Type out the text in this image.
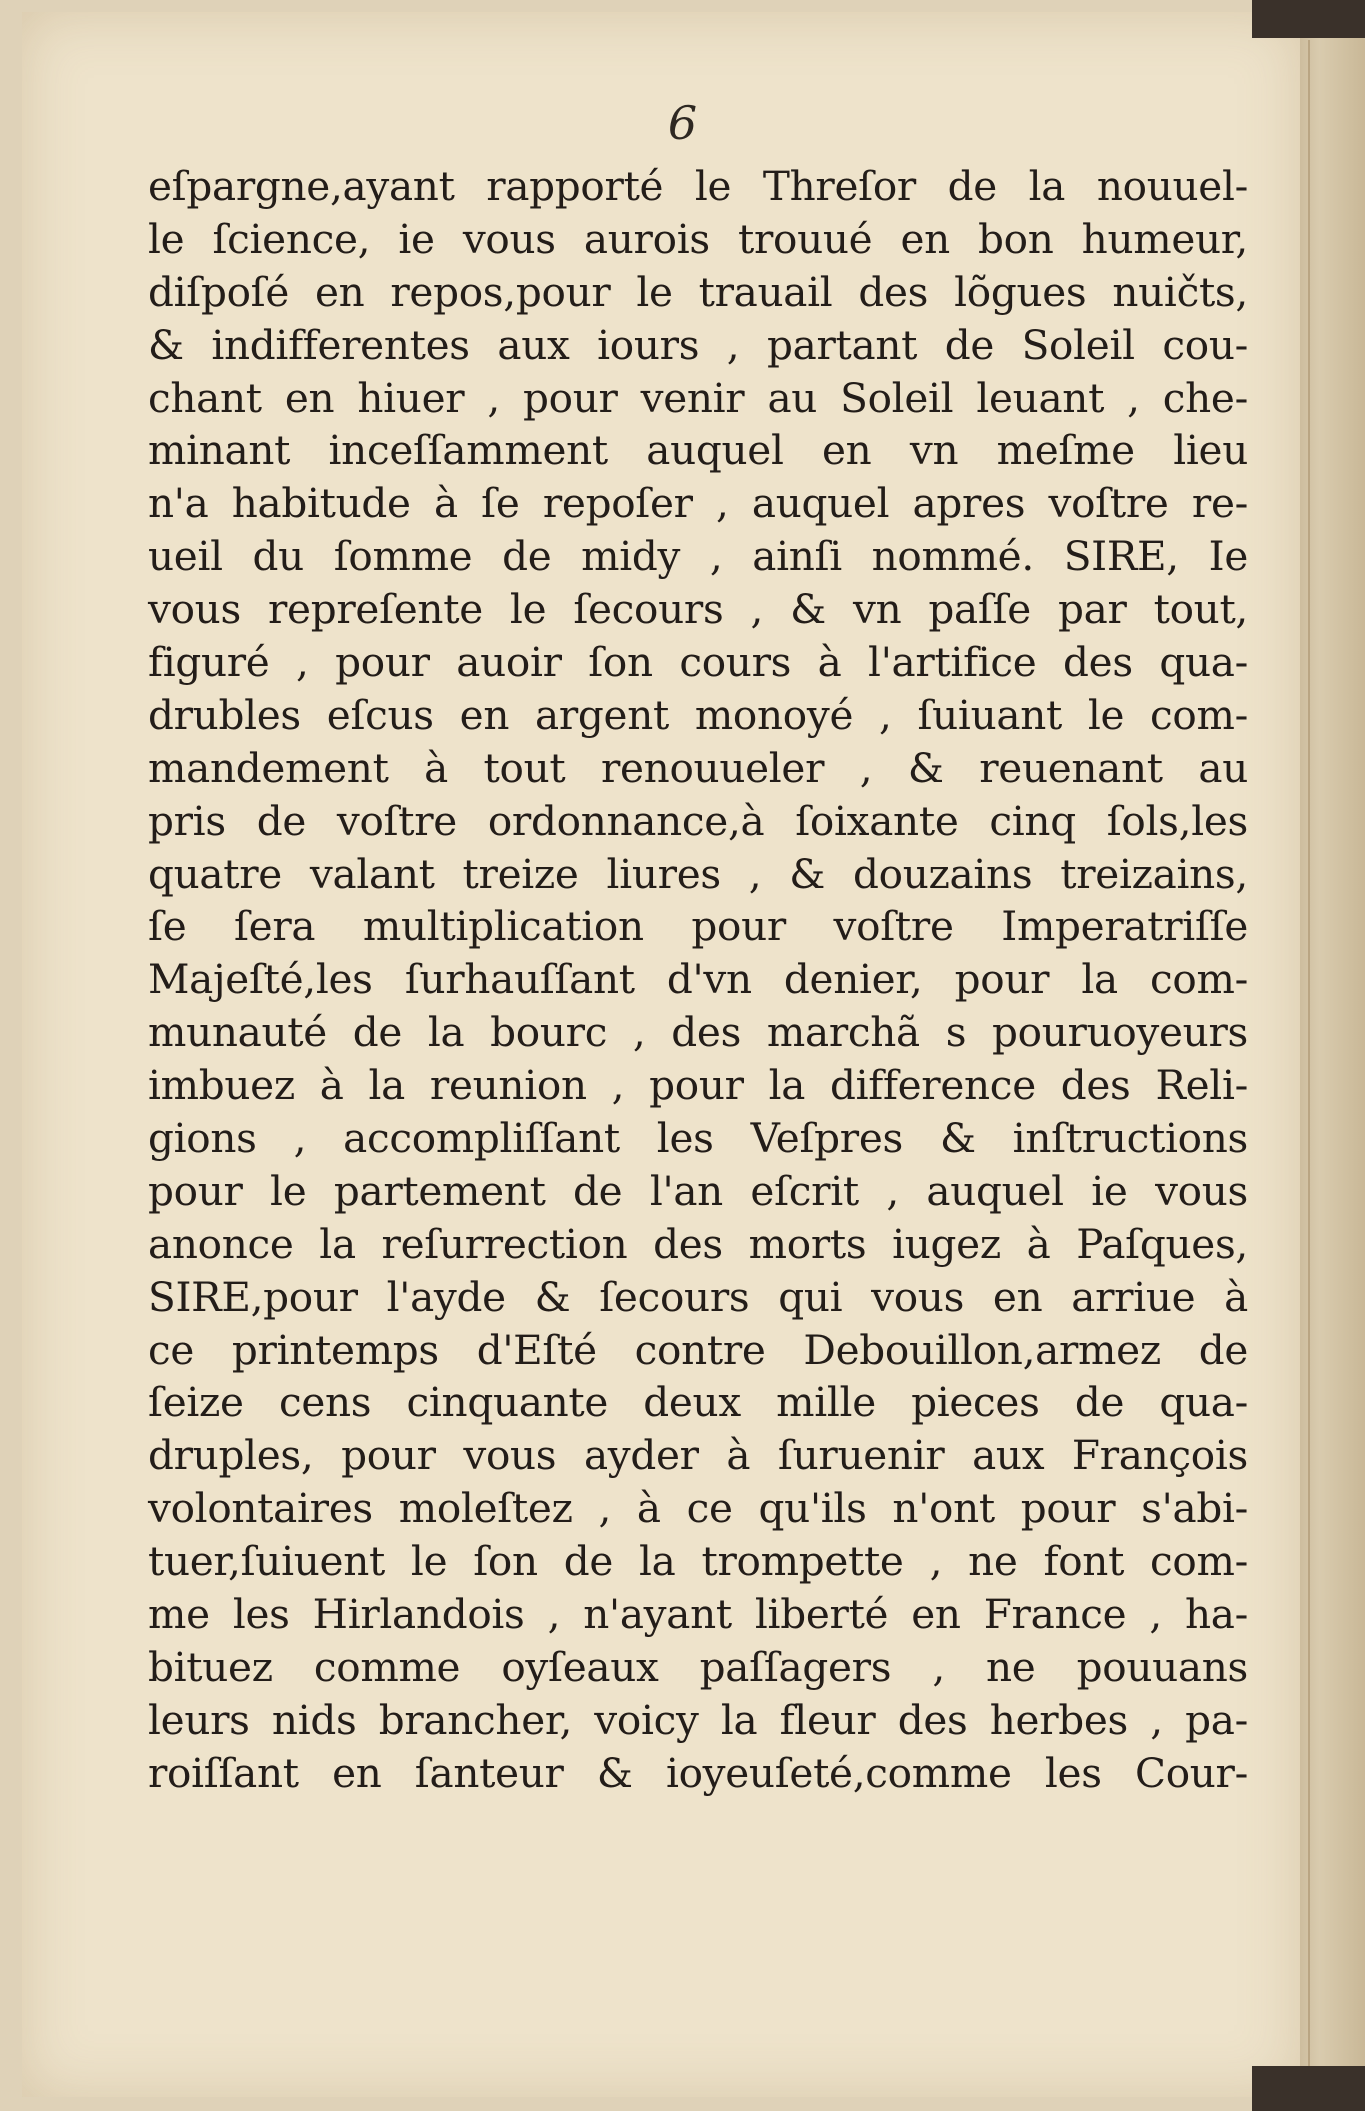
6
eſpargne,ayant rapporté le Threſor de la nouuel-
le ſcience, ie vous aurois trouué en bon humeur,
diſpoſé en repos,pour le trauail des lõgues nuičts,
& indifferentes aux iours , partant de Soleil cou-
chant en hiuer , pour venir au Soleil leuant , che-
minant inceſſamment auquel en vn meſme lieu
n'a habitude à ſe repoſer , auquel apres voſtre re-
ueil du ſomme de midy , ainſi nommé. SIRE, Ie
vous repreſente le ſecours , & vn paſſe par tout,
figuré , pour auoir ſon cours à l'artifice des qua-
drubles eſcus en argent monoyé , ſuiuant le com-
mandement à tout renouueler , & reuenant au
pris de voſtre ordonnance,à ſoixante cinq ſols,les
quatre valant treize liures , & douzains treizains,
ſe ſera multiplication pour voſtre Imperatriſſe
Majeſté,les ſurhauſſant d'vn denier, pour la com-
munauté de la bourc , des marchã s pouruoyeurs
imbuez à la reunion , pour la difference des Reli-
gions , accompliſſant les Veſpres & inſtructions
pour le partement de l'an eſcrit , auquel ie vous
anonce la reſurrection des morts iugez à Paſques,
SIRE,pour l'ayde & ſecours qui vous en arriue à
ce printemps d'Eſté contre Debouillon,armez de
ſeize cens cinquante deux mille pieces de qua-
druples, pour vous ayder à ſuruenir aux François
volontaires moleſtez , à ce qu'ils n'ont pour s'abi-
tuer,ſuiuent le ſon de la trompette , ne font com-
me les Hirlandois , n'ayant liberté en France , ha-
bituez comme oyſeaux paſſagers , ne pouuans
leurs nids brancher, voicy la fleur des herbes , pa-
roiſſant en ſanteur & ioyeuſeté,comme les Cour-
